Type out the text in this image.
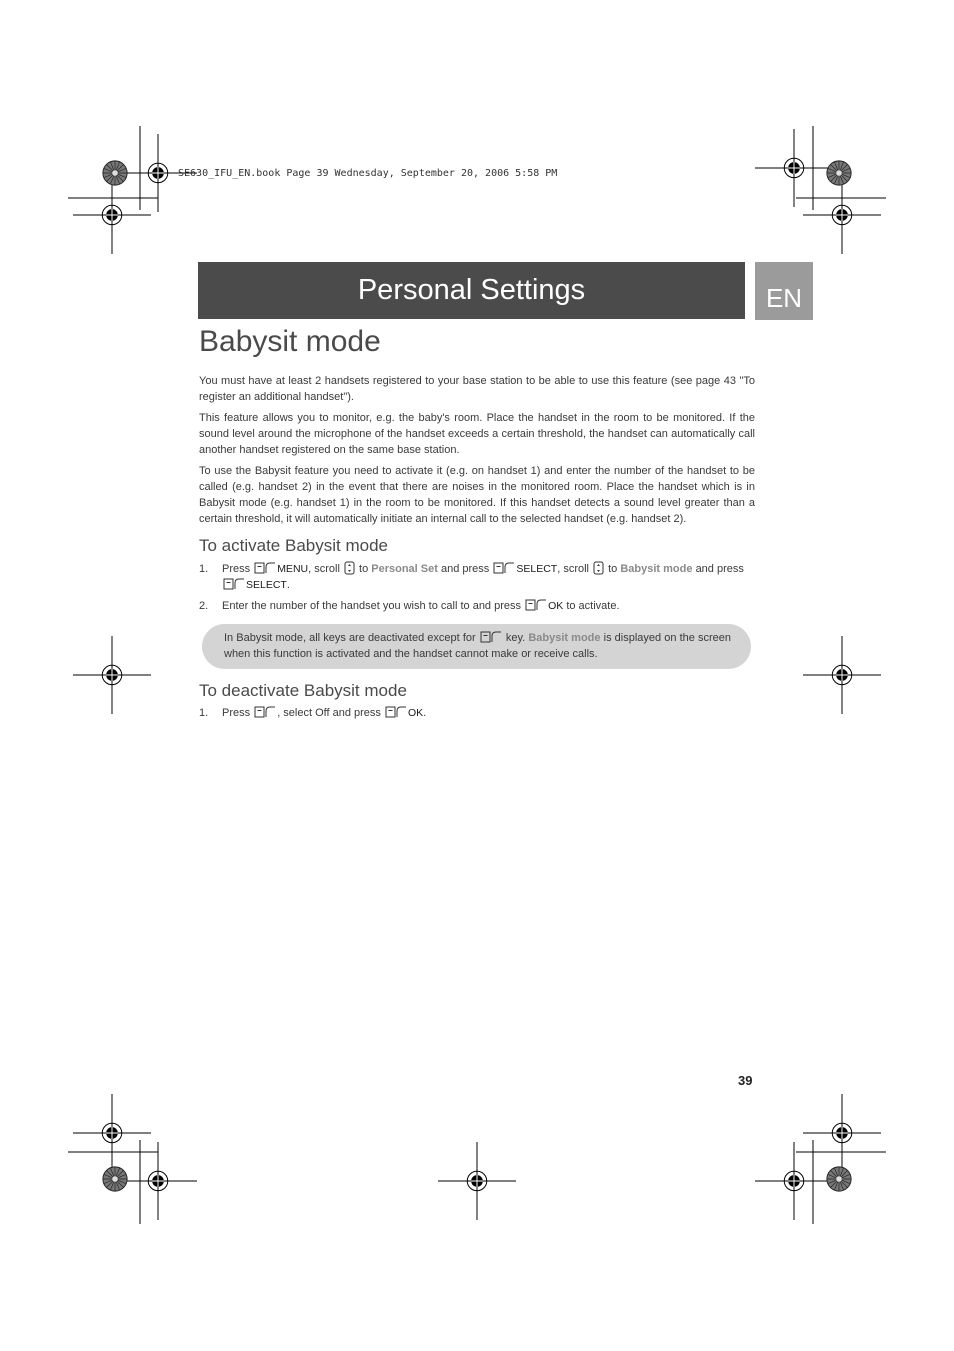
SE630_IFU_EN.book Page 39 Wednesday, September 20, 2006 5:58 PM
Personal Settings	EN
Babysit mode

You must have at least 2 handsets registered to your base station to be able to use this feature (see page 43 "To register an additional handset").

This feature allows you to monitor, e.g. the baby's room. Place the handset in the room to be monitored. If the sound level around the microphone of the handset exceeds a certain threshold, the handset can automatically call another handset registered on the same base station.

To use the Babysit feature you need to activate it (e.g. on handset 1) and enter the number of the handset to be called (e.g. handset 2) in the event that there are noises in the monitored room. Place the handset which is in Babysit mode (e.g. handset 1) in the room to be monitored. If this handset detects a sound level greater than a certain threshold, it will automatically initiate an internal call to the selected handset (e.g. handset 2).

To activate Babysit mode
1. Press	MENU, scroll to Personal Set and press	SELECT, scroll to Babysit mode and press SELECT.
2. Enter the number of the handset you wish to call to and press	OK to activate.
In Babysit mode, all keys are deactivated except for	key. Babysit mode is displayed on the screen when this function is activated and the handset cannot make or receive calls.
To deactivate Babysit mode
1. Press , select Off and press	OK.
39
